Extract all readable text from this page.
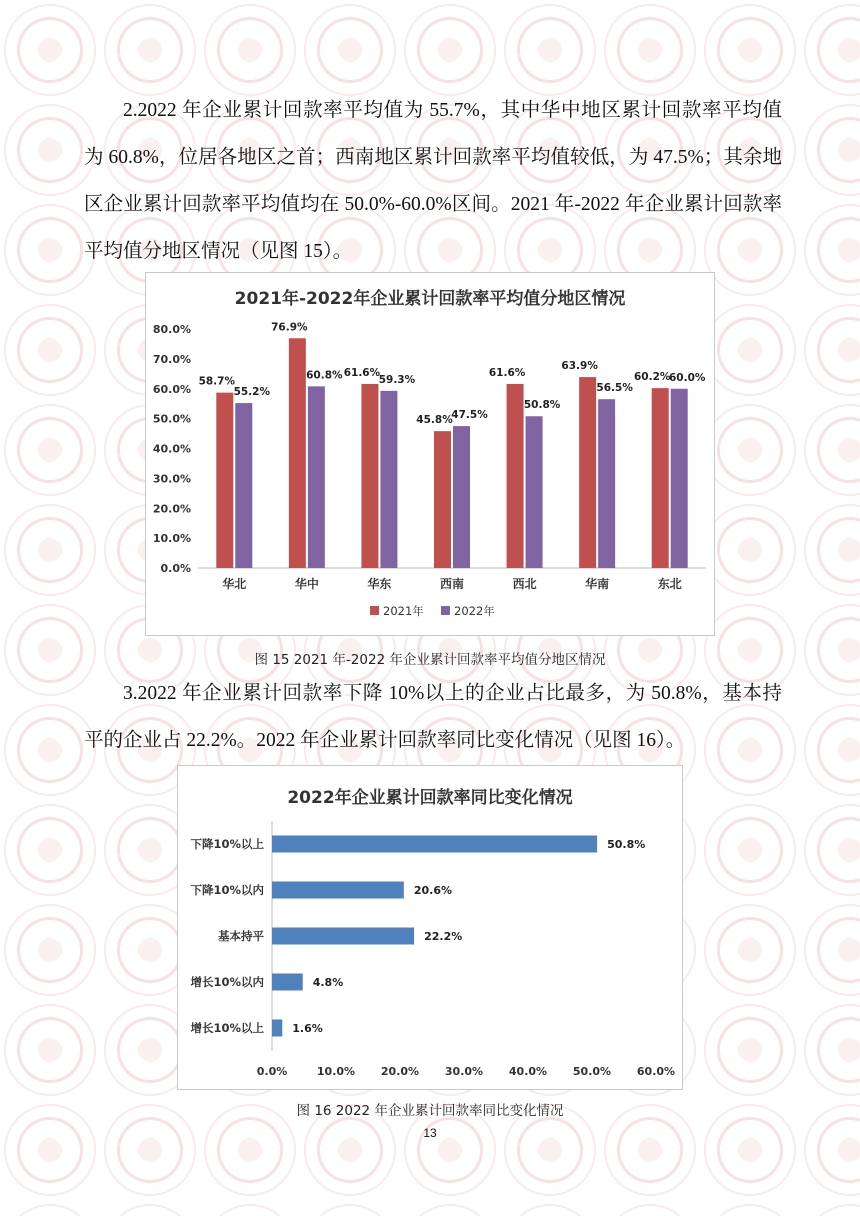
2.2022 年企业累计回款率平均值为 55.7%，其中华中地区累计回款率平均值为 60.8%，位居各地区之首；西南地区累计回款率平均值较低，为 47.5%；其余地区企业累计回款率平均值均在 50.0%-60.0%区间。2021 年-2022 年企业累计回款率平均值分地区情况（见图 15）。

2021年-2022年企业累计回款率平均值分地区情况
0.0%
10.0%
20.0%
30.0%
40.0%
50.0%
60.0%
70.0%
80.0%
58.7%
55.2%
华北
76.9%
60.8%
华中
61.6%
59.3%
华东
45.8%
47.5%
西南
61.6%
50.8%
西北
63.9%
56.5%
华南
60.2%
60.0%
东北
2021年	2022年
图 15 2021 年-2022 年企业累计回款率平均值分地区情况

3.2022 年企业累计回款率下降 10%以上的企业占比最多，为 50.8%，基本持平的企业占 22.2%。2022 年企业累计回款率同比变化情况（见图 16）。

2022年企业累计回款率同比变化情况
50.8%
下降10%以上
20.6%
下降10%以内
22.2%
基本持平
4.8%
增长10%以内
1.6%
增长10%以上
0.0%	10.0% 20.0% 30.0% 40.0% 50.0% 60.0%
图 16 2022 年企业累计回款率同比变化情况
13
